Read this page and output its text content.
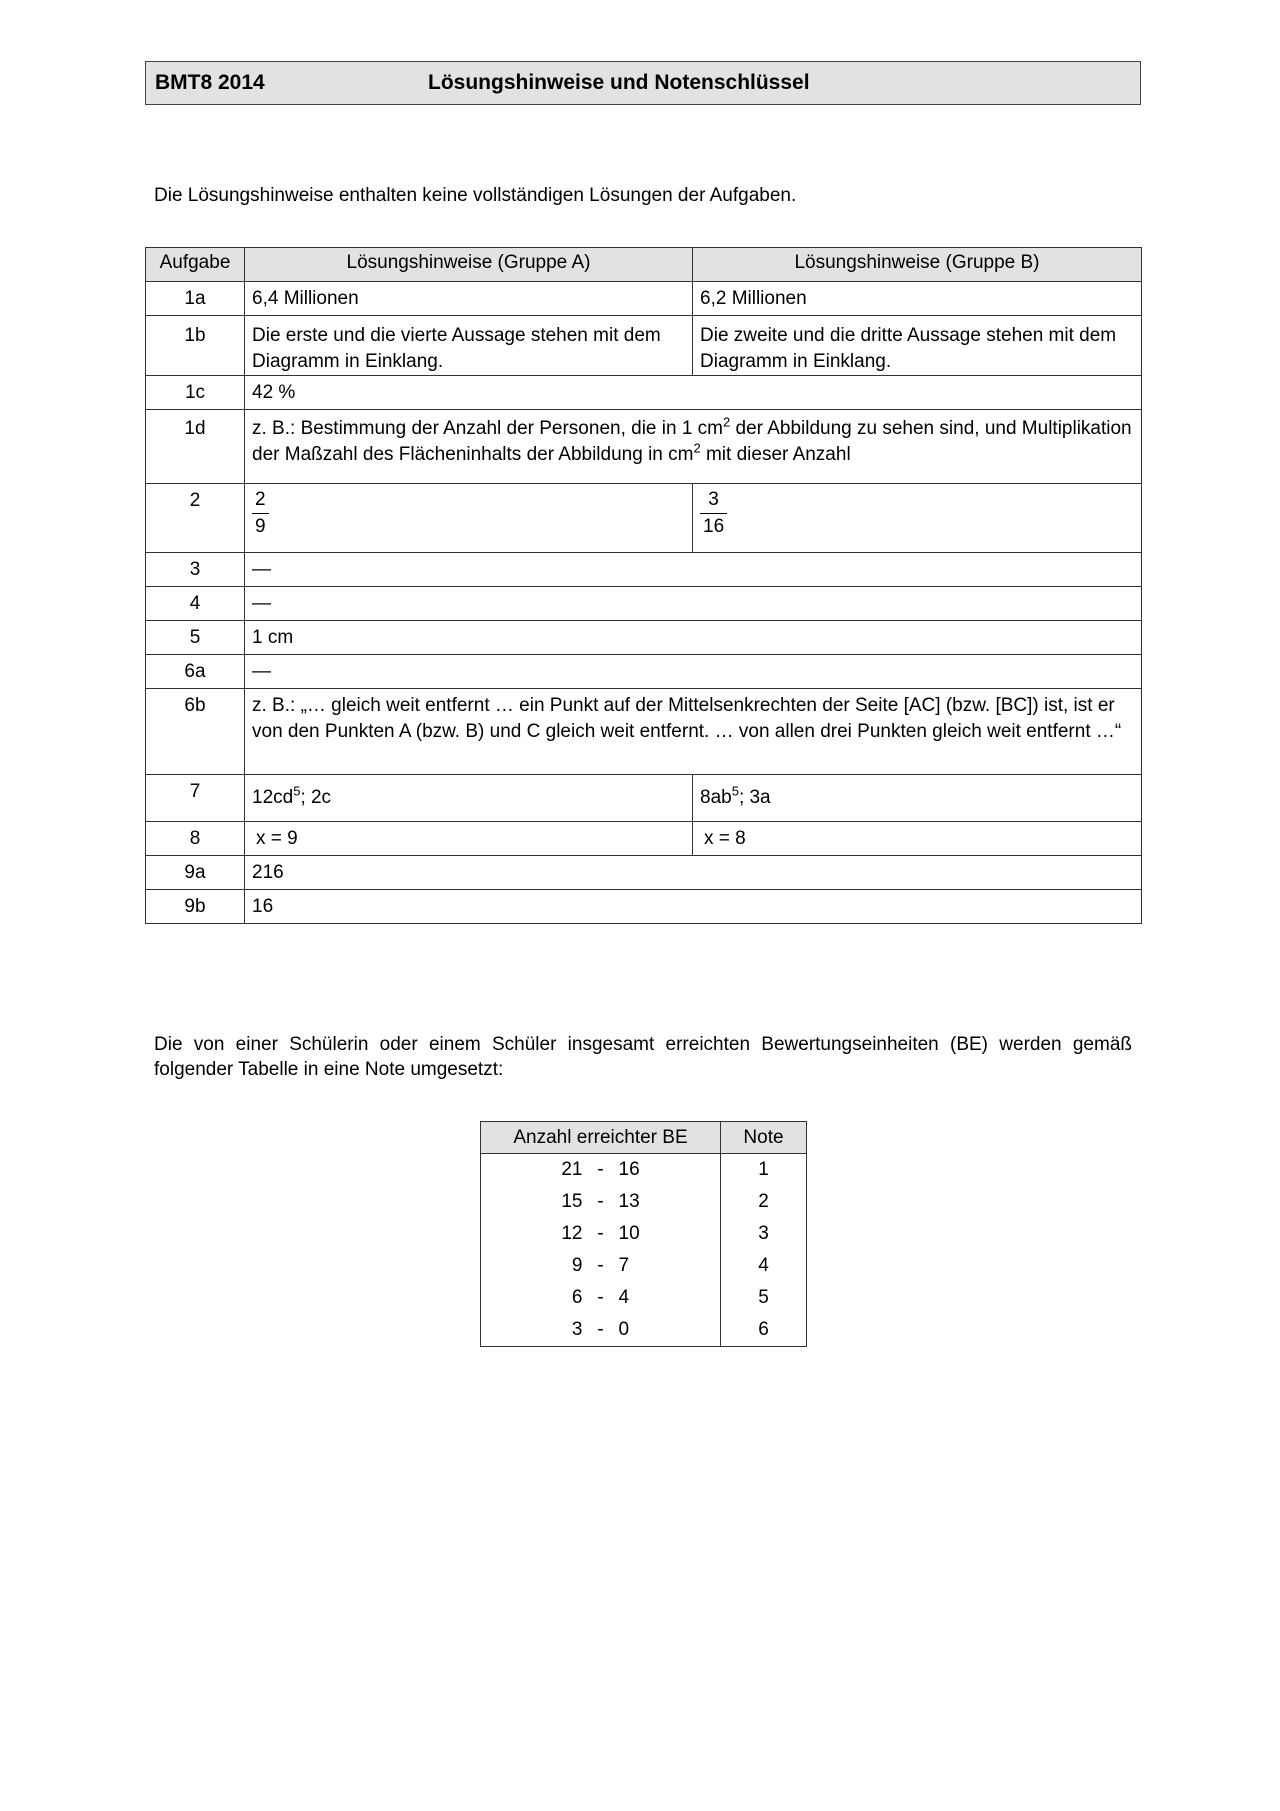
BMT8 2014	Lösungshinweise und Notenschlüssel
Die Lösungshinweise enthalten keine vollständigen Lösungen der Aufgaben.
Aufgabe	Lösungshinweise (Gruppe A)	Lösungshinweise (Gruppe B)
1a	6,4 Millionen	6,2 Millionen
1b	Die erste und die vierte Aussage stehen mit dem Diagramm in Einklang.	Die zweite und die dritte Aussage stehen mit dem Diagramm in Einklang.
1c	42 %	
1d	z. B.: Bestimmung der Anzahl der Personen, die in 1 $cm^2$ der Abbildung zu sehen sind, und Multiplikation der Maßzahl des Flächeninhalts der Abbildung in $cm^2$ mit dieser Anzahl	
2	$\frac{2}{9}$	$\frac{3}{16}$

3	—	
4	—	
5	1 cm	
6a	—	
6b	z. B.: „… gleich weit entfernt … ein Punkt auf der Mittelsenkrechten der Seite [AC] (bzw. [BC]) ist, ist er von den Punkten A (bzw. B) und C gleich weit entfernt. … von allen drei Punkten gleich weit entfernt …“	
7	$12cd^5$; 2c	$8ab^5$; 3a
8	x = 9	x = 8
9a	216	
9b	16	
Die von einer Schülerin oder einem Schüler insgesamt erreichten Bewertungseinheiten (BE) werden gemäß folgender Tabelle in eine Note umgesetzt:
Anzahl erreichter BE	Note

21 - 16	1

15 - 13	2

12 - 10	3

9 - 7	4

6 - 4	5

3 - 0	6
